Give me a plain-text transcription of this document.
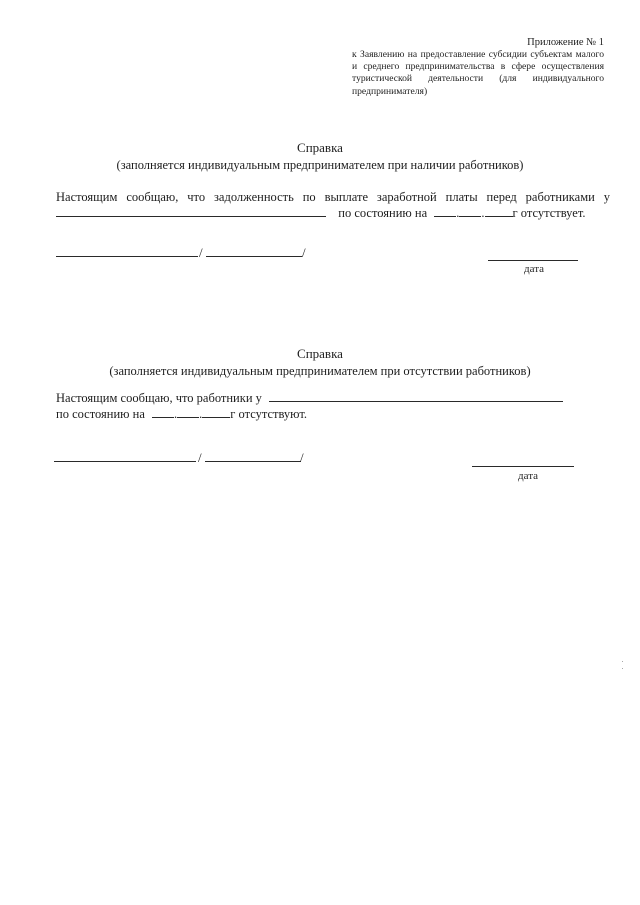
Приложение № 1
к Заявлению на предоставление субсидии субъектам малого и среднего предпринимательства в сфере осуществления туристической деятельности (для индивидуального предпринимателя)
Справка
(заполняется индивидуальным предпринимателем при наличии работников)
Настоящим сообщаю, что задолженность по выплате заработной платы перед работниками у
по состоянию на . . г отсутствует.
/	/
дата
Справка
(заполняется индивидуальным предпринимателем при отсутствии работников)
Настоящим сообщаю, что работники у
по состоянию на . . г отсутствуют.
/	/
дата
